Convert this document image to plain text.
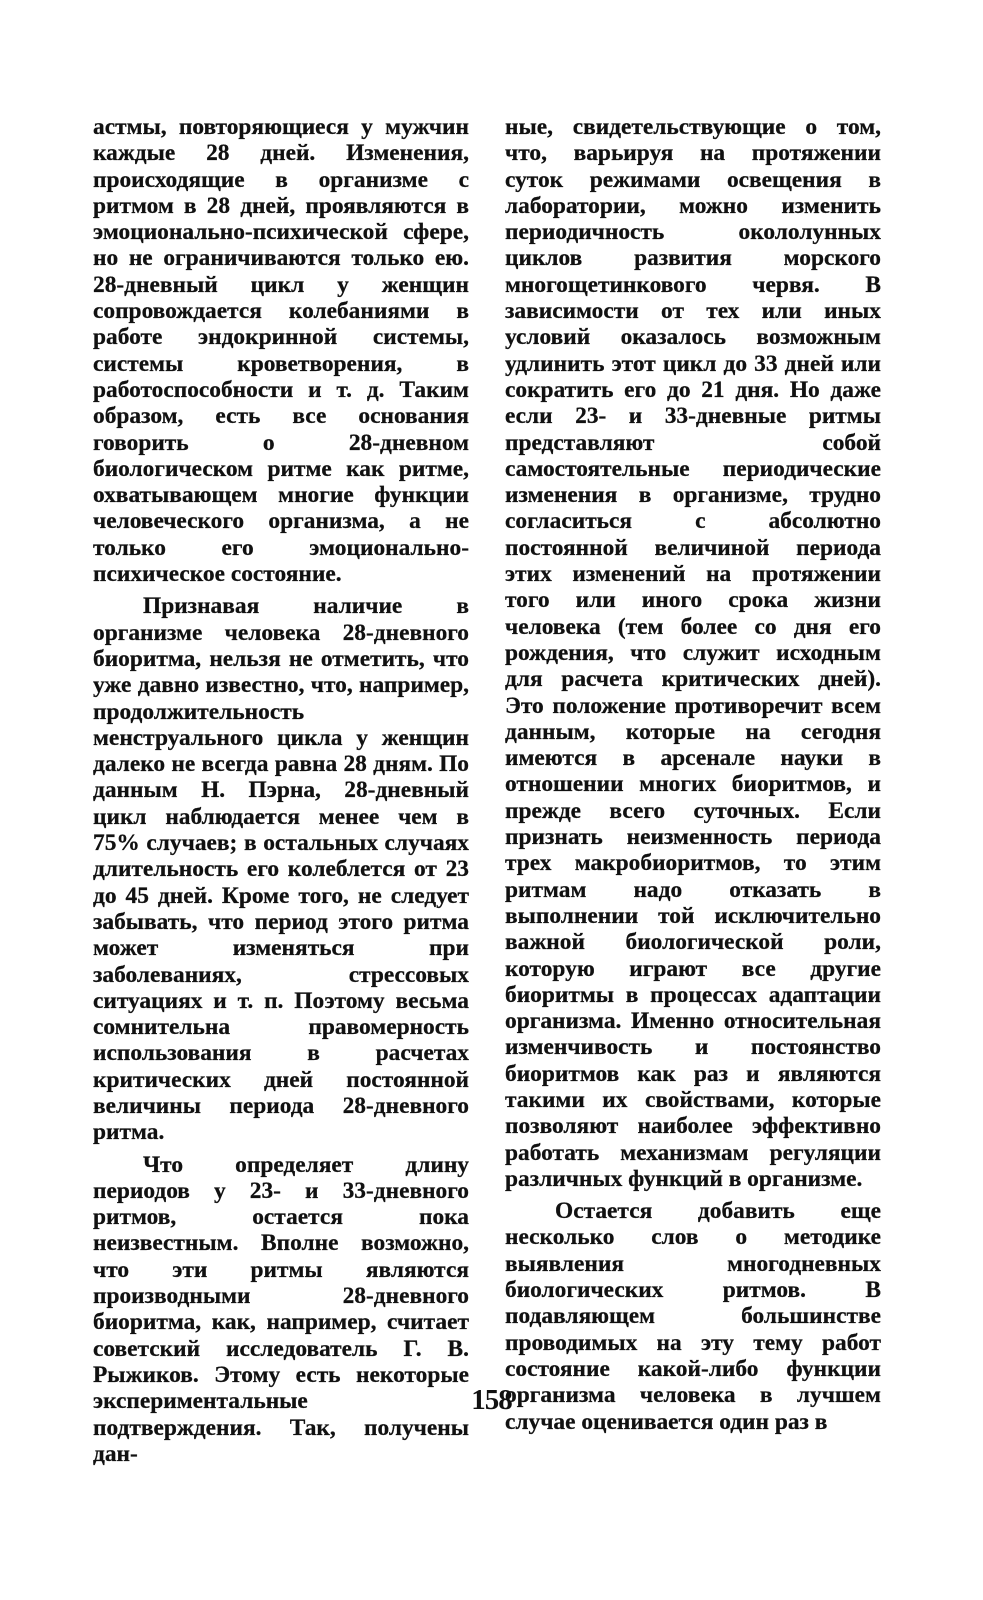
астмы, повторяющиеся у мужчин каждые 28 дней. Изменения, происходящие в организме с ритмом в 28 дней, проявляются в эмоционально-психической сфере, но не ограничиваются только ею. 28-дневный цикл у женщин сопровождается колебаниями в работе эндокринной системы, системы кроветворения, в работоспособности и т. д. Таким образом, есть все основания говорить о 28-дневном биологическом ритме как ритме, охватывающем многие функции человеческого организма, а не только его эмоционально-психическое состояние.

Признавая наличие в организме человека 28-дневного биоритма, нельзя не отметить, что уже давно известно, что, например, продолжительность менструального цикла у женщин далеко не всегда равна 28 дням. По данным Н. Пэрна, 28-дневный цикл наблюдается менее чем в 75% случаев; в остальных случаях длительность его колеблется от 23 до 45 дней. Кроме того, не следует забывать, что период этого ритма может изменяться при заболеваниях, стрессовых ситуациях и т. п. Поэтому весьма сомнительна правомерность использования в расчетах критических дней постоянной величины периода 28-дневного ритма.

Что определяет длину периодов у 23- и 33-дневного ритмов, остается пока неизвестным. Вполне возможно, что эти ритмы являются производными 28-дневного биоритма, как, например, считает советский исследователь Г. В. Рыжиков. Этому есть некоторые экспериментальные подтверждения. Так, получены дан-

ные, свидетельствующие о том, что, варьируя на протяжении суток режимами освещения в лаборатории, можно изменить периодичность окололунных циклов развития морского многощетинкового червя. В зависимости от тех или иных условий оказалось возможным удлинить этот цикл до 33 дней или сократить его до 21 дня. Но даже если 23- и 33-дневные ритмы представляют собой самостоятельные периодические изменения в организме, трудно согласиться с абсолютно постоянной величиной периода этих изменений на протяжении того или иного срока жизни человека (тем более со дня его рождения, что служит исходным для расчета критических дней). Это положение противоречит всем данным, которые на сегодня имеются в арсенале науки в отношении многих биоритмов, и прежде всего суточных. Если признать неизменность периода трех макробиоритмов, то этим ритмам надо отказать в выполнении той исключительно важной биологической роли, которую играют все другие биоритмы в процессах адаптации организма. Именно относительная изменчивость и постоянство биоритмов как раз и являются такими их свойствами, которые позволяют наиболее эффективно работать механизмам регуляции различных функций в организме.

Остается добавить еще несколько слов о методике выявления многодневных биологических ритмов. В подавляющем большинстве проводимых на эту тему работ состояние какой-либо функции организма человека в лучшем случае оценивается один раз в

158
